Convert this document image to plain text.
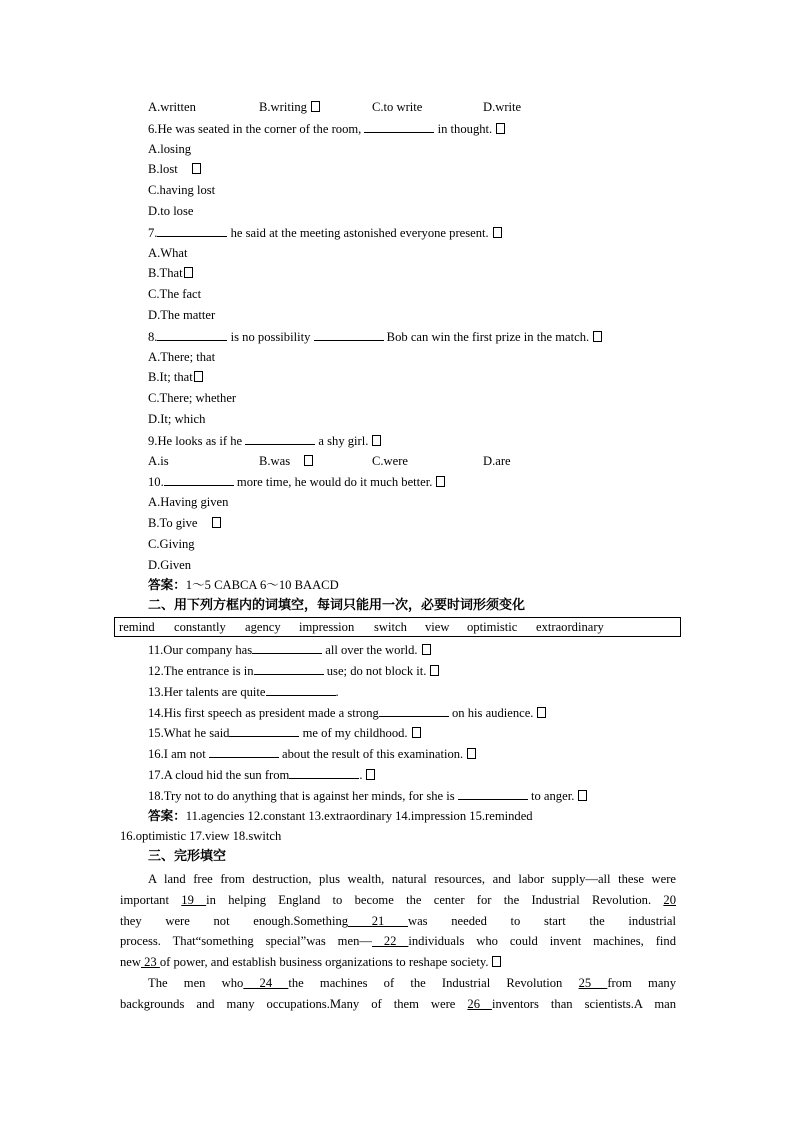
A.written	B.writing	C.to write	D.write
6.He was seated in the corner of the room,	in thought.
A.losing
B.lost
C.having lost
D.to lose
7.	he said at the meeting astonished everyone present.
A.What
B.That
C.The fact
D.The matter
8.	is no possibility	Bob can win the first prize in the match.
A.There; that
B.It; that
C.There; whether
D.It; which
9.He looks as if he	a shy girl.
A.is	B.was	C.were	D.are
10.	more time, he would do it much better.
A.Having given
B.To give
C.Giving
D.Given
答案：1～5 CABCA 6～10 BAACD
二、用下列方框内的词填空，每词只能用一次，必要时词形须变化
remind constantly agency impression switch view optimistic extraordinary
11.Our company has	all over the world.
12.The entrance is in	use; do not block it.
13.Her talents are quite	.
14.His first speech as president made a strong	on his audience.
15.What he said	me of my childhood.
16.I am not	about the result of this examination.
17.A cloud hid the sun from	.
18.Try not to do anything that is against her minds, for she is	to anger.
答案：11.agencies 12.constant 13.extraordinary 14.impression 15.reminded
16.optimistic 17.view 18.switch
三、完形填空
A land free from destruction, plus wealth, natural resources, and labor supply—all these were
important 19 in helping England to become the center for the Industrial Revolution. 20
they were not enough.Something 21 was needed to start the industrial
process. That“something special”was men— 22 individuals who could invent machines, find
new 23 of power, and establish business organizations to reshape society.
The men who 24 the machines of the Industrial Revolution 25 from many
backgrounds and many occupations.Many of them were 26 inventors than scientists.A man
